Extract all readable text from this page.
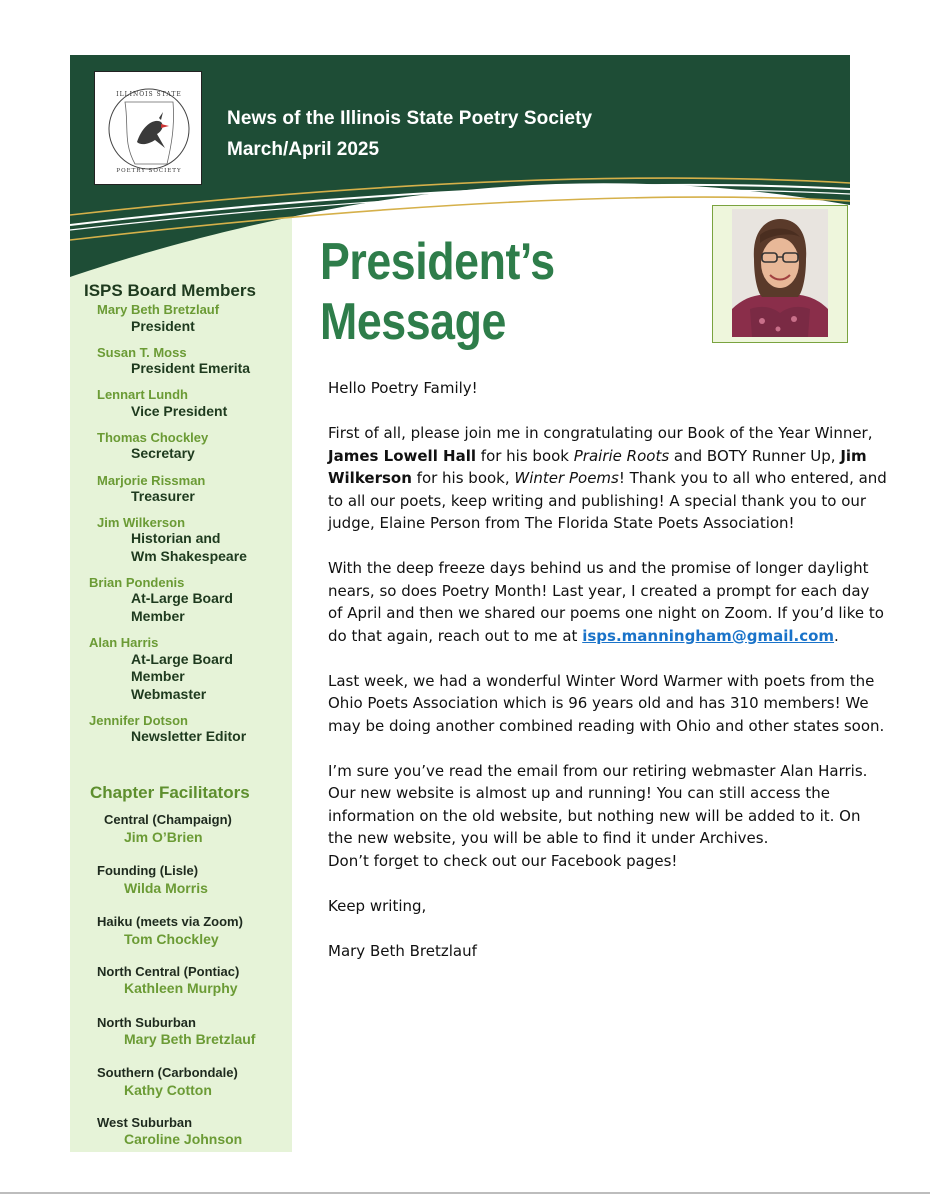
ILLINOIS STATE
POETRY SOCIETY
News of the Illinois State Poetry Society
March/April 2025
President’s Message
ISPS Board Members
Mary Beth Bretzlauf
President
Susan T. Moss
President Emerita
Lennart Lundh
Vice President
Thomas Chockley
Secretary
Marjorie Rissman
Treasurer
Jim Wilkerson
Historian and
Wm Shakespeare
Brian Pondenis
At-Large Board
Member
Alan Harris
At-Large Board
Member
Webmaster
Jennifer Dotson
Newsletter Editor
Chapter Facilitators
Central (Champaign)
Jim O’Brien
Founding (Lisle)
Wilda Morris
Haiku (meets via Zoom)
Tom Chockley
North Central (Pontiac)
Kathleen Murphy
North Suburban
Mary Beth Bretzlauf
Southern (Carbondale)
Kathy Cotton
West Suburban
Caroline Johnson

Hello Poetry Family!

First of all, please join me in congratulating our Book of the Year Winner, James Lowell Hall for his book Prairie Roots and BOTY Runner Up, Jim Wilkerson for his book, Winter Poems! Thank you to all who entered, and to all our poets, keep writing and publishing! A special thank you to our judge, Elaine Person from The Florida State Poets Association!

With the deep freeze days behind us and the promise of longer daylight nears, so does Poetry Month! Last year, I created a prompt for each day of April and then we shared our poems one night on Zoom. If you’d like to do that again, reach out to me at isps.manningham@gmail.com.

Last week, we had a wonderful Winter Word Warmer with poets from the Ohio Poets Association which is 96 years old and has 310 members! We may be doing another combined reading with Ohio and other states soon.

I’m sure you’ve read the email from our retiring webmaster Alan Harris. Our new website is almost up and running! You can still access the information on the old website, but nothing new will be added to it. On the new website, you will be able to find it under Archives.
Don’t forget to check out our Facebook pages!

Keep writing,

Mary Beth Bretzlauf
